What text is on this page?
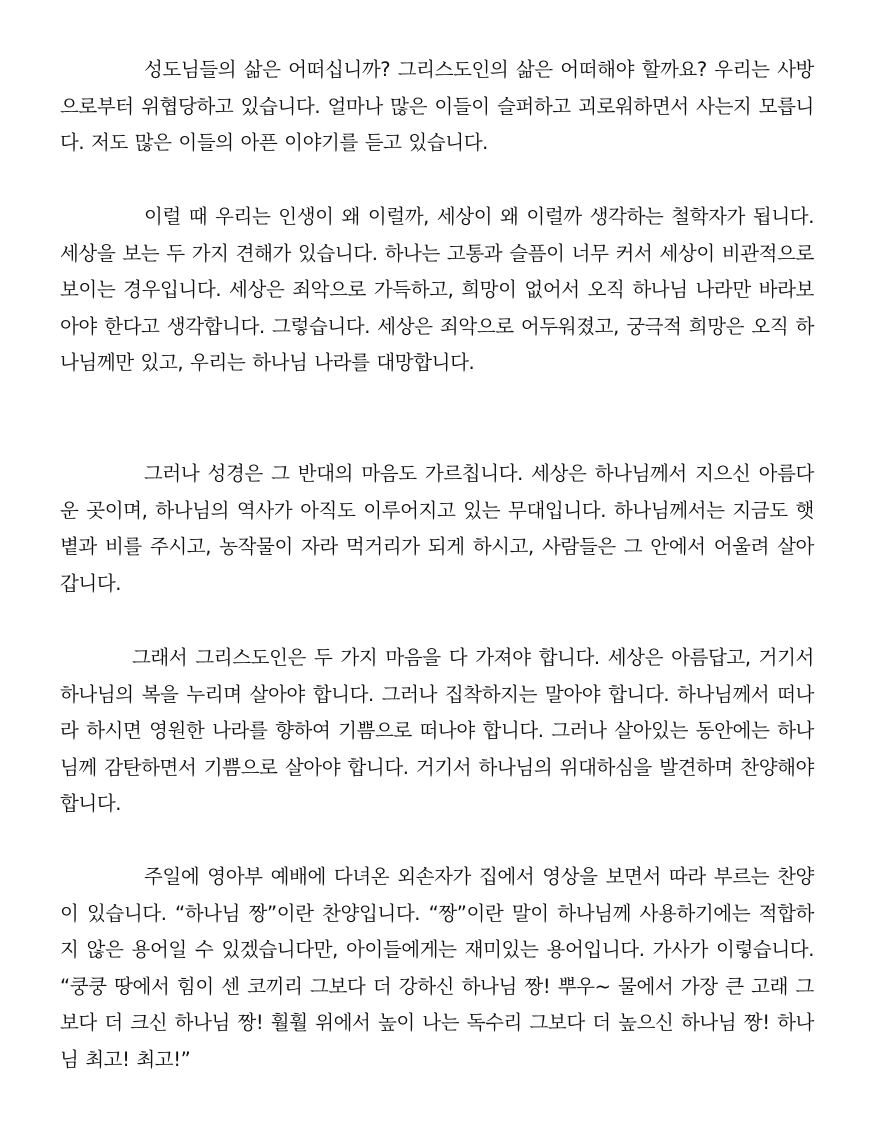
성도님들의 삶은 어떠십니까? 그리스도인의 삶은 어떠해야 할까요? 우리는 사방으로부터 위협당하고 있습니다. 얼마나 많은 이들이 슬퍼하고 괴로워하면서 사는지 모릅니다. 저도 많은 이들의 아픈 이야기를 듣고 있습니다.

이럴 때 우리는 인생이 왜 이럴까, 세상이 왜 이럴까 생각하는 철학자가 됩니다. 세상을 보는 두 가지 견해가 있습니다. 하나는 고통과 슬픔이 너무 커서 세상이 비관적으로 보이는 경우입니다. 세상은 죄악으로 가득하고, 희망이 없어서 오직 하나님 나라만 바라보아야 한다고 생각합니다. 그렇습니다. 세상은 죄악으로 어두워졌고, 궁극적 희망은 오직 하나님께만 있고, 우리는 하나님 나라를 대망합니다.

그러나 성경은 그 반대의 마음도 가르칩니다. 세상은 하나님께서 지으신 아름다운 곳이며, 하나님의 역사가 아직도 이루어지고 있는 무대입니다. 하나님께서는 지금도 햇볕과 비를 주시고, 농작물이 자라 먹거리가 되게 하시고, 사람들은 그 안에서 어울려 살아갑니다.

그래서 그리스도인은 두 가지 마음을 다 가져야 합니다. 세상은 아름답고, 거기서 하나님의 복을 누리며 살아야 합니다. 그러나 집착하지는 말아야 합니다. 하나님께서 떠나라 하시면 영원한 나라를 향하여 기쁨으로 떠나야 합니다. 그러나 살아있는 동안에는 하나님께 감탄하면서 기쁨으로 살아야 합니다. 거기서 하나님의 위대하심을 발견하며 찬양해야 합니다.

주일에 영아부 예배에 다녀온 외손자가 집에서 영상을 보면서 따라 부르는 찬양이 있습니다. “하나님 짱”이란 찬양입니다. “짱”이란 말이 하나님께 사용하기에는 적합하지 않은 용어일 수 있겠습니다만, 아이들에게는 재미있는 용어입니다. 가사가 이렇습니다. “쿵쿵 땅에서 힘이 센 코끼리 그보다 더 강하신 하나님 짱! 뿌우~ 물에서 가장 큰 고래 그보다 더 크신 하나님 짱! 훨훨 위에서 높이 나는 독수리 그보다 더 높으신 하나님 짱! 하나님 최고! 최고!”
